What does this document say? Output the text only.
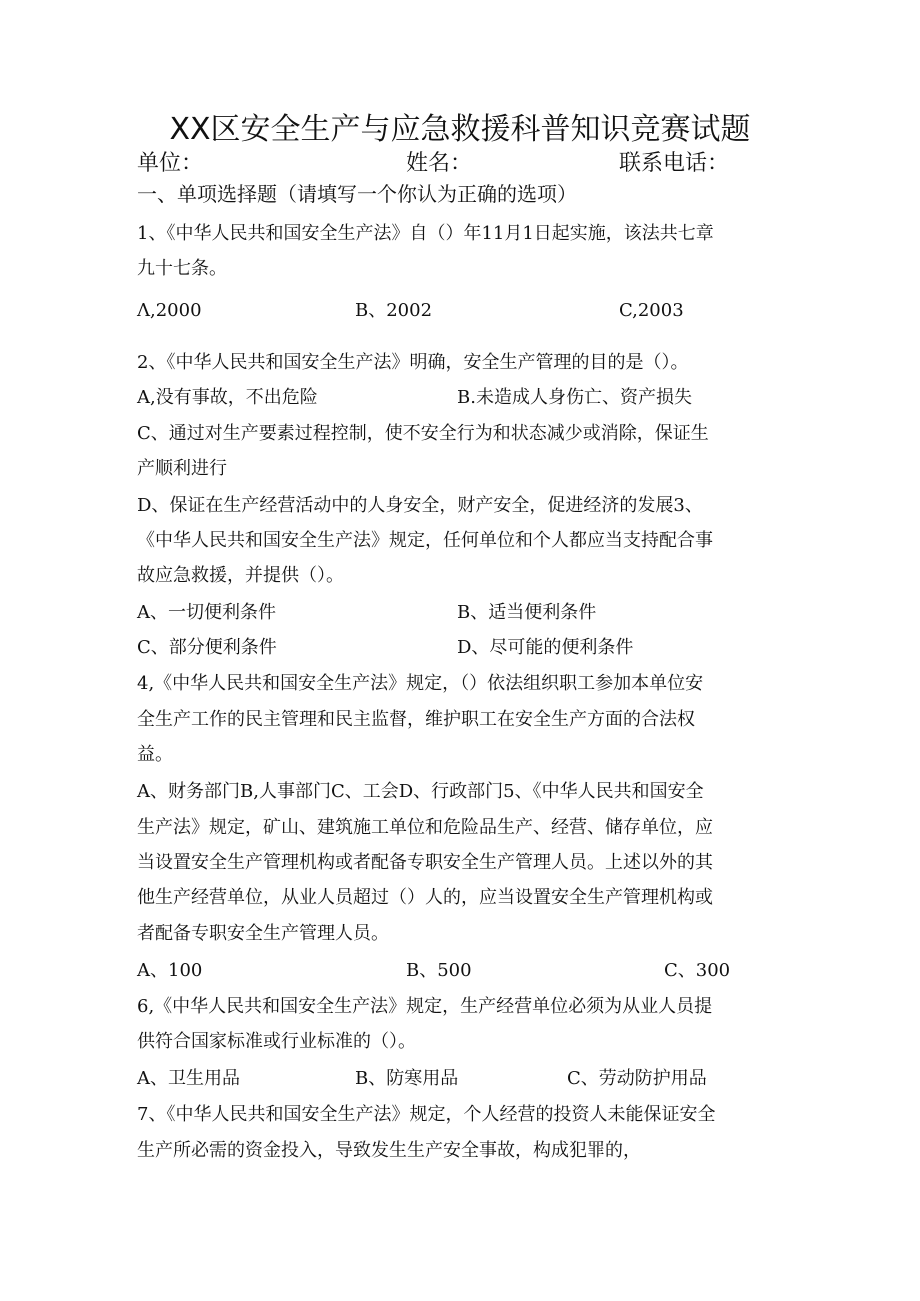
XX区安全生产与应急救援科普知识竞赛试题
单位：	姓名：	联系电话：
一、单项选择题（请填写一个你认为正确的选项）
1、《中华人民共和国安全生产法》自（）年11月1日起实施，该法共七章
九十七条。
Λ,2000	B、2002	C,2003
2、《中华人民共和国安全生产法》明确，安全生产管理的目的是（）。
A,没有事故，不出危险	B.未造成人身伤亡、资产损失
C、通过对生产要素过程控制，使不安全行为和状态减少或消除，保证生
产顺利进行
D、保证在生产经营活动中的人身安全，财产安全，促进经济的发展3、
《中华人民共和国安全生产法》规定，任何单位和个人都应当支持配合事
故应急救援，并提供（）。
A、一切便利条件	B、适当便利条件
C、部分便利条件	D、尽可能的便利条件
4,《中华人民共和国安全生产法》规定，（）依法组织职工参加本单位安
全生产工作的民主管理和民主监督，维护职工在安全生产方面的合法权
益。
A、财务部门B,人事部门C、工会D、行政部门5、《中华人民共和国安全
生产法》规定，矿山、建筑施工单位和危险品生产、经营、储存单位，应
当设置安全生产管理机构或者配备专职安全生产管理人员。上述以外的其
他生产经营单位，从业人员超过（）人的，应当设置安全生产管理机构或
者配备专职安全生产管理人员。
A、100	B、500	C、300
6,《中华人民共和国安全生产法》规定，生产经营单位必须为从业人员提
供符合国家标准或行业标准的（）。
A、卫生用品	B、防寒用品	C、劳动防护用品
7、《中华人民共和国安全生产法》规定，个人经营的投资人未能保证安全
生产所必需的资金投入，导致发生生产安全事故，构成犯罪的，
